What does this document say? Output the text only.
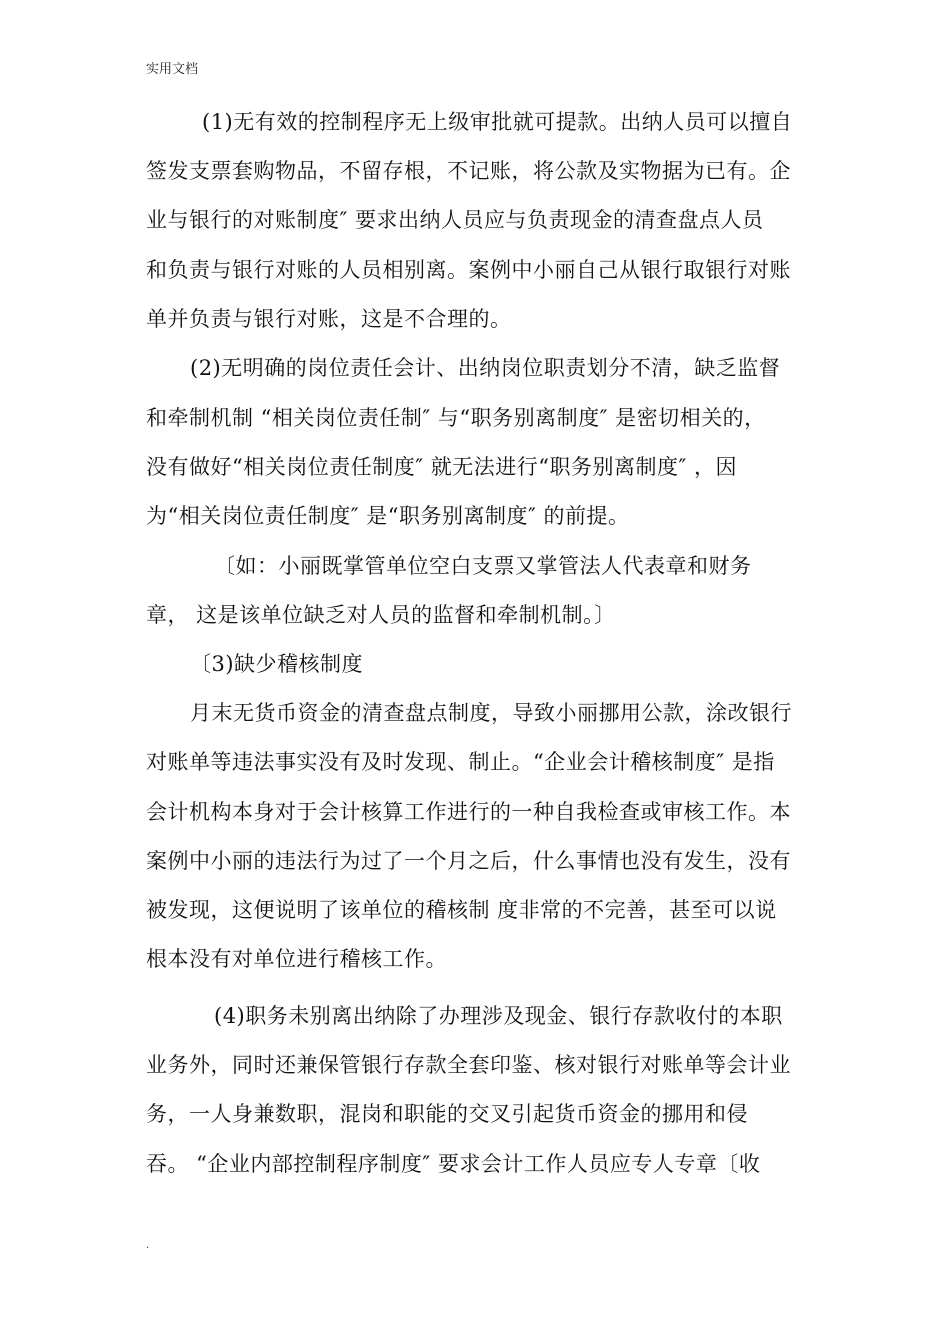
实用文档
(1)无有效的控制程序无上级审批就可提款。出纳人员可以擅自
签发支票套购物品，不留存根，不记账，将公款及实物据为已有。企
业与银行的对账制度″ 要求出纳人员应与负责现金的清查盘点人员
和负责与银行对账的人员相别离。案例中小丽自己从银行取银行对账
单并负责与银行对账，这是不合理的。
(2)无明确的岗位责任会计、出纳岗位职责划分不清，缺乏监督
和牵制机制 “相关岗位责任制″ 与“职务别离制度″ 是密切相关的，
没有做好“相关岗位责任制度″ 就无法进行“职务别离制度″ ，因
为“相关岗位责任制度″ 是“职务别离制度″ 的前提。
〔如：小丽既掌管单位空白支票又掌管法人代表章和财务
章， 这是该单位缺乏对人员的监督和牵制机制。〕
〔3)缺少稽核制度
月末无货币资金的清查盘点制度，导致小丽挪用公款，涂改银行
对账单等违法事实没有及时发现、制止。“企业会计稽核制度″ 是指
会计机构本身对于会计核算工作进行的一种自我检查或审核工作。本
案例中小丽的违法行为过了一个月之后，什么事情也没有发生，没有
被发现，这便说明了该单位的稽核制 度非常的不完善，甚至可以说
根本没有对单位进行稽核工作。
(4)职务未别离出纳除了办理涉及现金、银行存款收付的本职
业务外，同时还兼保管银行存款全套印鉴、核对银行对账单等会计业
务，一人身兼数职，混岗和职能的交叉引起货币资金的挪用和侵
吞。 “企业内部控制程序制度″ 要求会计工作人员应专人专章〔收
.
